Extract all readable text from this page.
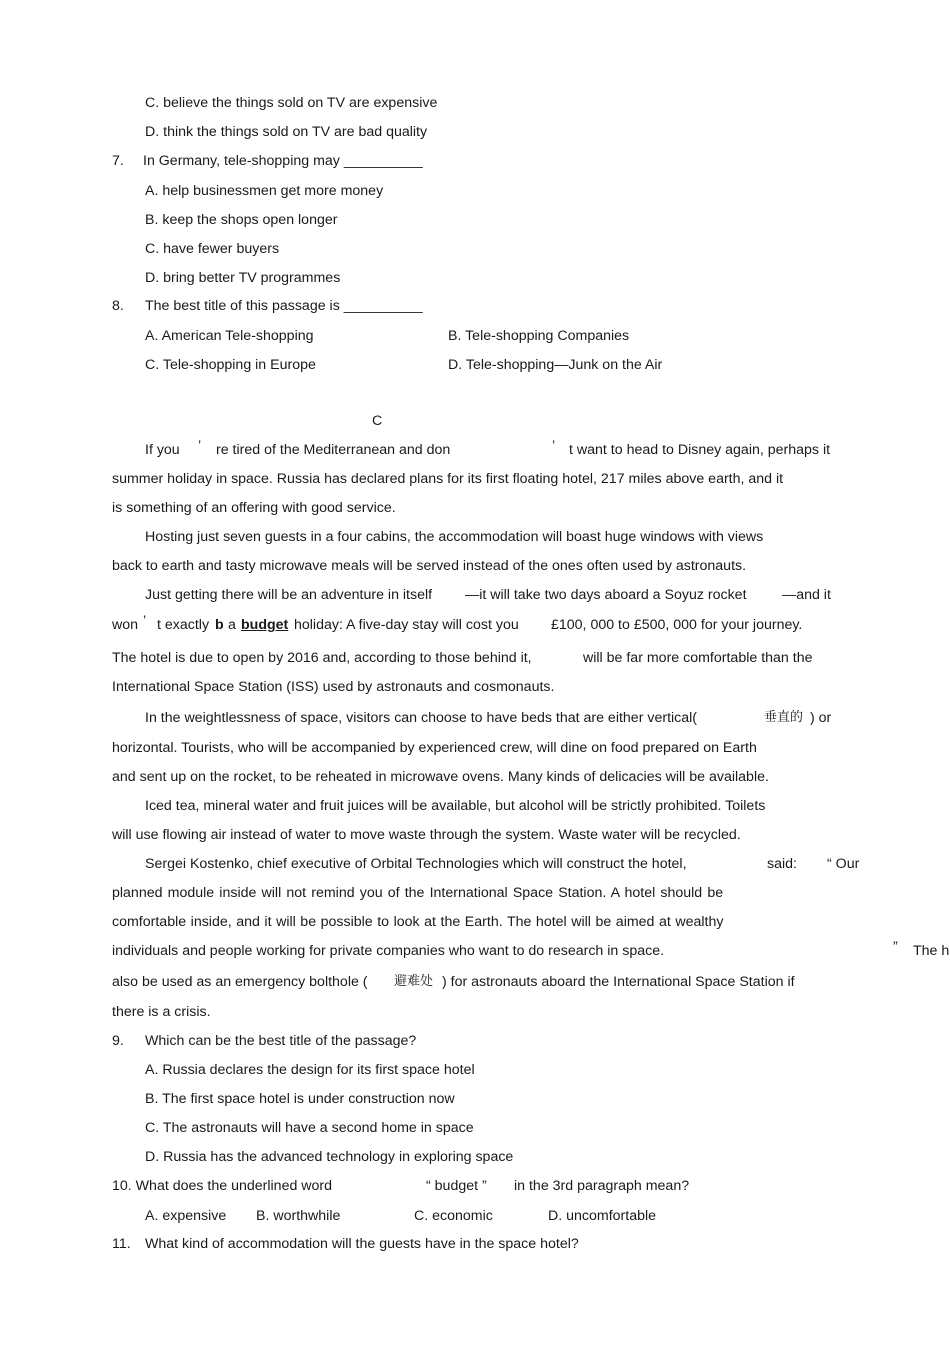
C. believe the things sold on TV are expensive
D. think the things sold on TV are bad quality
7. In Germany, tele-shopping may __________
A. help businessmen get more money
B. keep the shops open longer
C. have fewer buyers
D. bring better TV programmes
8. The best title of this passage is __________
A. American Tele-shopping	B. Tele-shopping Companies
C. Tele-shopping in Europe	D. Tele-shopping—Junk on the Air
C
If you ’ re tired of the Mediterranean and don	’ t want to head to Disney again, perhaps it
summer holiday in space. Russia has declared plans for its first floating hotel, 217 miles above earth, and it
is something of an offering with good service.
Hosting just seven guests in a four cabins, the accommodation will boast huge windows with views
back to earth and tasty microwave meals will be served instead of the ones often used by astronauts.
Just getting there will be an adventure in itself —it will take two days aboard a Soyuz rocket —and it
won ’ t exactly b a budget holiday: A five-day stay will cost you £100, 000 to £500, 000 for your journey.
The hotel is due to open by 2016 and, according to those behind it,	will be far more comfortable than the
International Space Station (ISS) used by astronauts and cosmonauts.
In the weightlessness of space, visitors can choose to have beds that are either vertical(	垂直的 ) or
horizontal. Tourists, who will be accompanied by experienced crew, will dine on food prepared on Earth
and sent up on the rocket, to be reheated in microwave ovens. Many kinds of delicacies will be available.
Iced tea, mineral water and fruit juices will be available, but alcohol will be strictly prohibited. Toilets
will use flowing air instead of water to move waste through the system. Waste water will be recycled.
Sergei Kostenko, chief executive of Orbital Technologies which will construct the hotel,	said: “ Our
planned module inside will not remind you of the International Space Station. A hotel should be
comfortable inside, and it will be possible to look at the Earth. The hotel will be aimed at wealthy
individuals and people working for private companies who want to do research in space.	” The h
also be used as an emergency bolthole ( 避难处 ) for astronauts aboard the International Space Station if
there is a crisis.
9. Which can be the best title of the passage?
A. Russia declares the design for its first space hotel
B. The first space hotel is under construction now
C. The astronauts will have a second home in space
D. Russia has the advanced technology in exploring space
10. What does the underlined word	“ budget ” in the 3rd paragraph mean?
A. expensive B. worthwhile	C. economic	D. uncomfortable
11. What kind of accommodation will the guests have in the space hotel?
